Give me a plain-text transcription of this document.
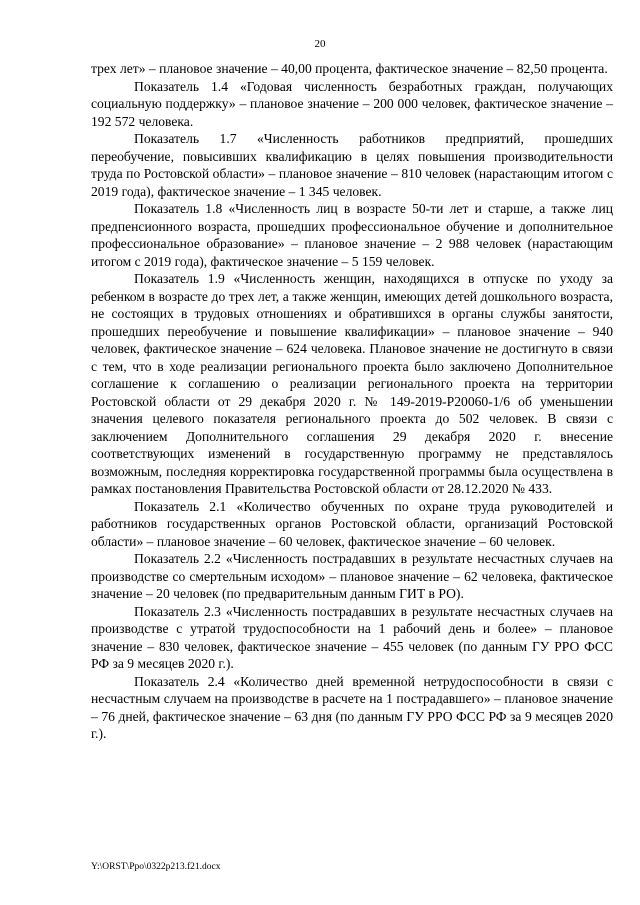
20

трех лет» – плановое значение – 40,00 процента, фактическое значение – 82,50 процента.

Показатель 1.4 «Годовая численность безработных граждан, получающих социальную поддержку» – плановое значение – 200 000 человек, фактическое значение – 192 572 человека.

Показатель 1.7 «Численность работников предприятий, прошедших переобучение, повысивших квалификацию в целях повышения производительности труда по Ростовской области» – плановое значение – 810 человек (нарастающим итогом с 2019 года), фактическое значение – 1 345 человек.

Показатель 1.8 «Численность лиц в возрасте 50-ти лет и старше, а также лиц предпенсионного возраста, прошедших профессиональное обучение и дополнительное профессиональное образование» – плановое значение – 2 988 человек (нарастающим итогом с 2019 года), фактическое значение – 5 159 человек.

Показатель 1.9 «Численность женщин, находящихся в отпуске по уходу за ребенком в возрасте до трех лет, а также женщин, имеющих детей дошкольного возраста, не состоящих в трудовых отношениях и обратившихся в органы службы занятости, прошедших переобучение и повышение квалификации» – плановое значение – 940 человек, фактическое значение – 624 человека. Плановое значение не достигнуто в связи с тем, что в ходе реализации регионального проекта было заключено Дополнительное соглашение к соглашению о реализации регионального проекта на территории Ростовской области от 29 декабря 2020 г. № 149-2019-Р20060-1/6 об уменьшении значения целевого показателя регионального проекта до 502 человек. В связи с заключением Дополнительного соглашения 29 декабря 2020 г. внесение соответствующих изменений в государственную программу не представлялось возможным, последняя корректировка государственной программы была осуществлена в рамках постановления Правительства Ростовской области от 28.12.2020 № 433.

Показатель 2.1 «Количество обученных по охране труда руководителей и работников государственных органов Ростовской области, организаций Ростовской области» – плановое значение – 60 человек, фактическое значение – 60 человек.

Показатель 2.2 «Численность пострадавших в результате несчастных случаев на производстве со смертельным исходом» – плановое значение – 62 человека, фактическое значение – 20 человек (по предварительным данным ГИТ в РО).

Показатель 2.3 «Численность пострадавших в результате несчастных случаев на производстве с утратой трудоспособности на 1 рабочий день и более» – плановое значение – 830 человек, фактическое значение – 455 человек (по данным ГУ РРО ФСС РФ за 9 месяцев 2020 г.).

Показатель 2.4 «Количество дней временной нетрудоспособности в связи с несчастным случаем на производстве в расчете на 1 пострадавшего» – плановое значение – 76 дней, фактическое значение – 63 дня (по данным ГУ РРО ФСС РФ за 9 месяцев 2020 г.).

Y:\ORST\Ppo\0322p213.f21.docx
